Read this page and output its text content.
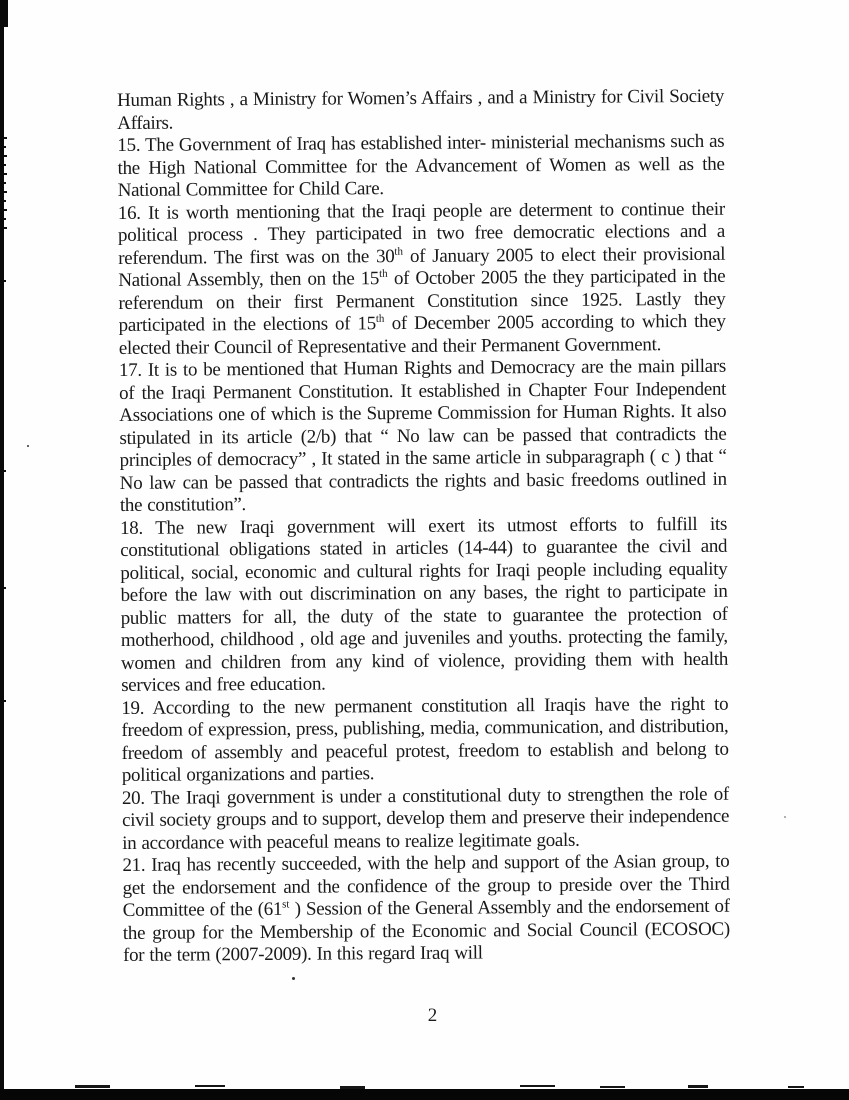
Human Rights , a Ministry for Women’s Affairs , and a Ministry for Civil Society Affairs.

15. The Government of Iraq has established inter- ministerial mechanisms such as the High National Committee for the Advancement of Women as well as the National Committee for Child Care.

16. It is worth mentioning that the Iraqi people are determent to continue their political process . They participated in two free democratic elections and a referendum. The first was on the 30th of January 2005 to elect their provisional National Assembly, then on the 15th of October 2005 the they participated in the referendum on their first Permanent Constitution since 1925. Lastly they participated in the elections of 15th of December 2005 according to which they elected their Council of Representative and their Permanent Government.

17. It is to be mentioned that Human Rights and Democracy are the main pillars of the Iraqi Permanent Constitution. It established in Chapter Four Independent Associations one of which is the Supreme Commission for Human Rights. It also stipulated in its article (2/b) that “ No law can be passed that contradicts the principles of democracy” , It stated in the same article in subparagraph ( c ) that “ No law can be passed that contradicts the rights and basic freedoms outlined in the constitution”.

18. The new Iraqi government will exert its utmost efforts to fulfill its constitutional obligations stated in articles (14-44) to guarantee the civil and political, social, economic and cultural rights for Iraqi people including equality before the law with out discrimination on any bases, the right to participate in public matters for all, the duty of the state to guarantee the protection of motherhood, childhood , old age and juveniles and youths. protecting the family, women and children from any kind of violence, providing them with health services and free education.

19. According to the new permanent constitution all Iraqis have the right to freedom of expression, press, publishing, media, communication, and distribution, freedom of assembly and peaceful protest, freedom to establish and belong to political organizations and parties.

20. The Iraqi government is under a constitutional duty to strengthen the role of civil society groups and to support, develop them and preserve their independence in accordance with peaceful means to realize legitimate goals.

21. Iraq has recently succeeded, with the help and support of the Asian group, to get the endorsement and the confidence of the group to preside over the Third Committee of the (61st ) Session of the General Assembly and the endorsement of the group for the Membership of the Economic and Social Council (ECOSOC) for the term (2007-2009). In this regard Iraq will

2
